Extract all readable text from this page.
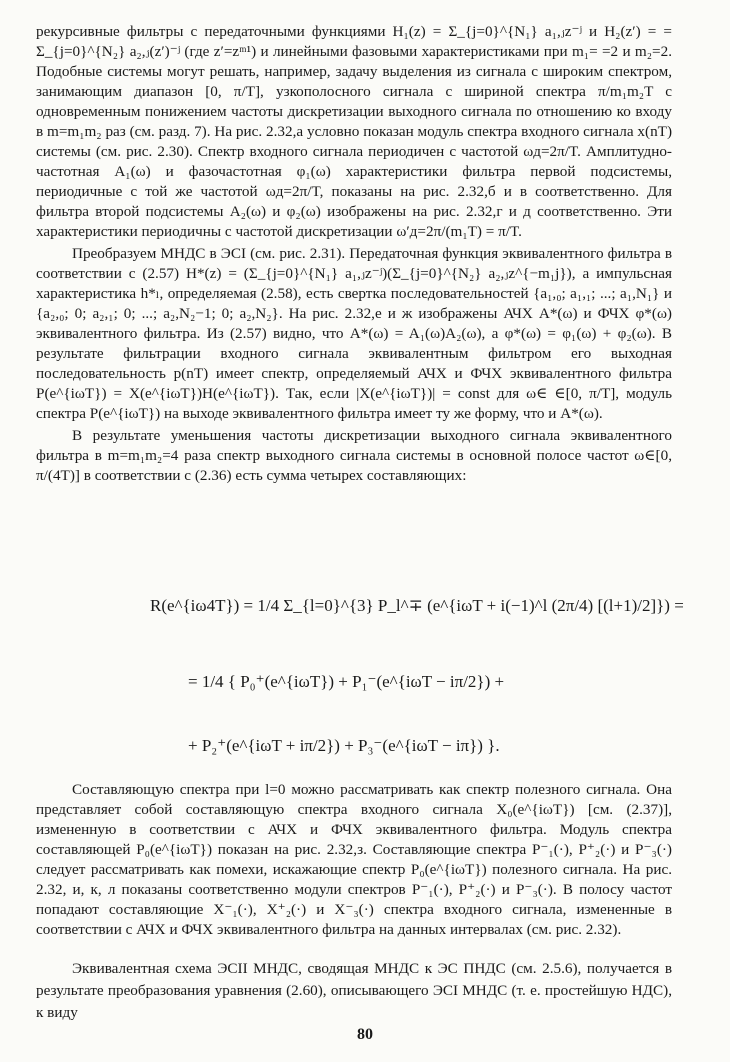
рекурсивные фильтры с передаточными функциями H₁(z) = Σ_{j=0}^{N₁} a₁,ⱼz⁻ʲ и H₂(z′) = = Σ_{j=0}^{N₂} a₂,ⱼ(z′)⁻ʲ (где z′=zᵐ¹) и линейными фазовыми характеристиками при m₁= =2 и m₂=2. Подобные системы могут решать, например, задачу выделения из сигнала с широким спектром, занимающим диапазон [0, π/T], узкополосного сигнала с шириной спектра π/m₁m₂T с одновременным понижением частоты дискретизации выходного сигнала по отношению ко входу в m=m₁m₂ раз (см. разд. 7). На рис. 2.32,а условно показан модуль спектра входного сигнала x(nT) системы (см. рис. 2.30). Спектр входного сигнала периодичен с частотой ωд=2π/T. Амплитудно-частотная A₁(ω) и фазочастотная φ₁(ω) характеристики фильтра первой подсистемы, периодичные с той же частотой ωд=2π/T, показаны на рис. 2.32,б и в соответственно. Для фильтра второй подсистемы A₂(ω) и φ₂(ω) изображены на рис. 2.32,г и д соответственно. Эти характеристики периодичны с частотой дискретизации ω′д=2π/(m₁T) = π/T.

Преобразуем МНДС в ЭСI (см. рис. 2.31). Передаточная функция эквивалентного фильтра в соответствии с (2.57) H*(z) = (Σ_{j=0}^{N₁} a₁,ⱼz⁻ʲ)(Σ_{j=0}^{N₂} a₂,ⱼz^{−m₁j}), а импульсная характеристика h*ₗ, определяемая (2.58), есть свертка последовательностей {a₁,₀; a₁,₁; ...; a₁,N₁} и {a₂,₀; 0; a₂,₁; 0; ...; a₂,N₂−1; 0; a₂,N₂}. На рис. 2.32,е и ж изображены АЧХ A*(ω) и ФЧХ φ*(ω) эквивалентного фильтра. Из (2.57) видно, что A*(ω) = A₁(ω)A₂(ω), а φ*(ω) = φ₁(ω) + φ₂(ω). В результате фильтрации входного сигнала эквивалентным фильтром его выходная последовательность p(nT) имеет спектр, определяемый АЧХ и ФЧХ эквивалентного фильтра P(e^{iωT}) = X(e^{iωT})H(e^{iωT}). Так, если |X(e^{iωT})| = const для ω∈ ∈[0, π/T], модуль спектра P(e^{iωT}) на выходе эквивалентного фильтра имеет ту же форму, что и A*(ω).

В результате уменьшения частоты дискретизации выходного сигнала эквивалентного фильтра в m=m₁m₂=4 раза спектр выходного сигнала системы в основной полосе частот ω∈[0, π/(4T)] в соответствии с (2.36) есть сумма четырех составляющих:

R(e^{iω4T}) = 1/4 Σ_{l=0}^{3} P_l^∓ (e^{iωT + i(−1)^l (2π/4) [(l+1)/2]}) =
= 1/4 { P₀⁺(e^{iωT}) + P₁⁻(e^{iωT − iπ/2}) +
+ P₂⁺(e^{iωT + iπ/2}) + P₃⁻(e^{iωT − iπ}) }.

Составляющую спектра при l=0 можно рассматривать как спектр полезного сигнала. Она представляет собой составляющую спектра входного сигнала X₀(e^{iωT}) [см. (2.37)], измененную в соответствии с АЧХ и ФЧХ эквивалентного фильтра. Модуль спектра составляющей P₀(e^{iωT}) показан на рис. 2.32,з. Составляющие спектра P⁻₁(·), P⁺₂(·) и P⁻₃(·) следует рассматривать как помехи, искажающие спектр P₀(e^{iωT}) полезного сигнала. На рис. 2.32, и, к, л показаны соответственно модули спектров P⁻₁(·), P⁺₂(·) и P⁻₃(·). В полосу частот попадают составляющие X⁻₁(·), X⁺₂(·) и X⁻₃(·) спектра входного сигнала, измененные в соответствии с АЧХ и ФЧХ эквивалентного фильтра на данных интервалах (см. рис. 2.32).

Эквивалентная схема ЭСII МНДС, сводящая МНДС к ЭС ПНДС (см. 2.5.6), получается в результате преобразования уравнения (2.60), описывающего ЭСI МНДС (т. е. простейшую НДС), к виду

80
